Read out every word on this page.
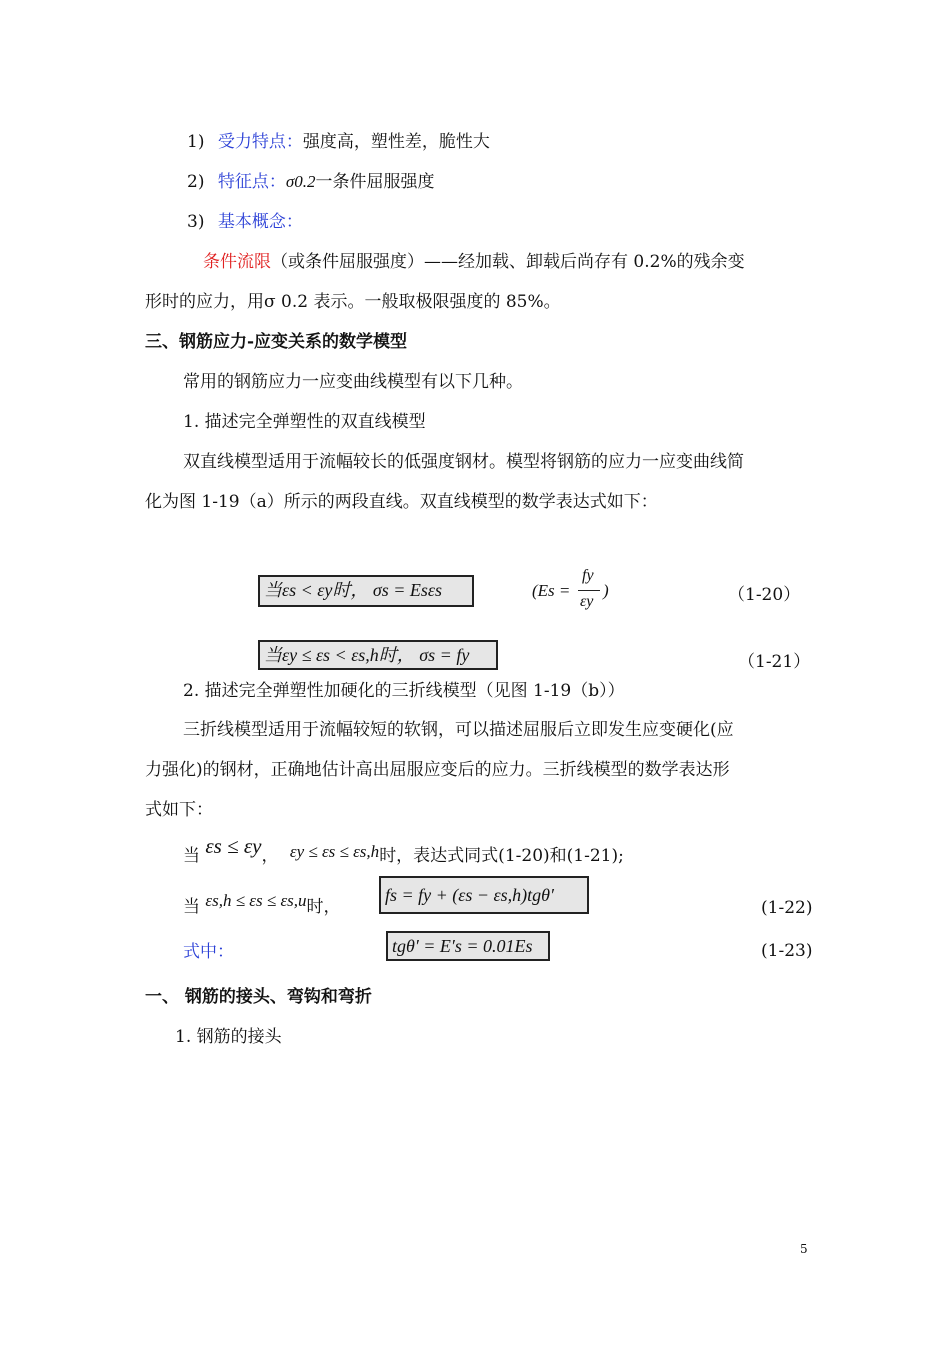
1) 受力特点：强度高，塑性差，脆性大
2) 特征点：σ0.2一条件屈服强度
3) 基本概念：
条件流限（或条件屈服强度）——经加载、卸载后尚存有 0.2%的残余变
形时的应力，用σ 0.2 表示。一般取极限强度的 85%。
三、钢筋应力-应变关系的数学模型
常用的钢筋应力一应变曲线模型有以下几种。
1. 描述完全弹塑性的双直线模型
双直线模型适用于流幅较长的低强度钢材。模型将钢筋的应力一应变曲线简
化为图 1-19（a）所示的两段直线。双直线模型的数学表达式如下：
当εs < εy时， σs = Esεs	(Es =
fy
εy
)	（1-20）
当εy ≤ εs < εs,h时， σs = fy	（1-21）
2. 描述完全弹塑性加硬化的三折线模型（见图 1-19（b））
三折线模型适用于流幅较短的软钢，可以描述屈服后立即发生应变硬化(应
力强化)的钢材，正确地估计高出屈服应变后的应力。三折线模型的数学表达形
式如下：
当 εs ≤ εy， εy ≤ εs ≤ εs,h时，表达式同式(1-20)和(1-21);
当 εs,h ≤ εs ≤ εs,u时，
fs = fy + (εs − εs,h)tgθ′
(1-22)
式中：	tgθ′ = E′s = 0.01Es	(1-23)
一、 钢筋的接头、弯钩和弯折
1. 钢筋的接头
5
